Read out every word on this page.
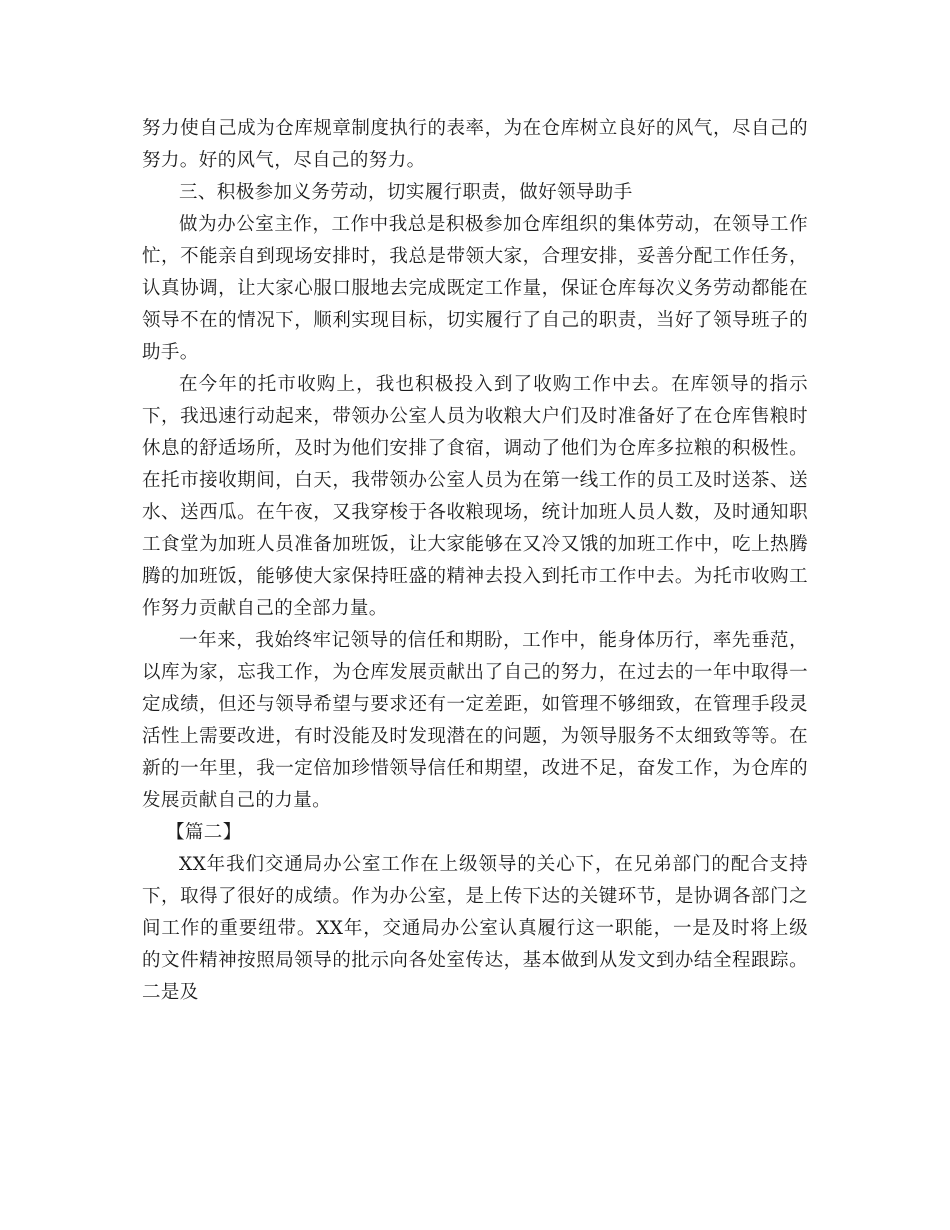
努力使自己成为仓库规章制度执行的表率，为在仓库树立良好的风气，尽自己的努力。好的风气，尽自己的努力。

三、积极参加义务劳动，切实履行职责，做好领导助手

做为办公室主作，工作中我总是积极参加仓库组织的集体劳动，在领导工作忙，不能亲自到现场安排时，我总是带领大家，合理安排，妥善分配工作任务，认真协调，让大家心服口服地去完成既定工作量，保证仓库每次义务劳动都能在领导不在的情况下，顺利实现目标，切实履行了自己的职责，当好了领导班子的助手。

在今年的托市收购上，我也积极投入到了收购工作中去。在库领导的指示下，我迅速行动起来，带领办公室人员为收粮大户们及时准备好了在仓库售粮时休息的舒适场所，及时为他们安排了食宿，调动了他们为仓库多拉粮的积极性。在托市接收期间，白天，我带领办公室人员为在第一线工作的员工及时送茶、送水、送西瓜。在午夜，又我穿梭于各收粮现场，统计加班人员人数，及时通知职工食堂为加班人员准备加班饭，让大家能够在又冷又饿的加班工作中，吃上热腾腾的加班饭，能够使大家保持旺盛的精神去投入到托市工作中去。为托市收购工作努力贡献自己的全部力量。

一年来，我始终牢记领导的信任和期盼，工作中，能身体历行，率先垂范，以库为家，忘我工作，为仓库发展贡献出了自己的努力，在过去的一年中取得一定成绩，但还与领导希望与要求还有一定差距，如管理不够细致，在管理手段灵活性上需要改进，有时没能及时发现潜在的问题，为领导服务不太细致等等。在新的一年里，我一定倍加珍惜领导信任和期望，改进不足，奋发工作，为仓库的发展贡献自己的力量。

【篇二】

XX年我们交通局办公室工作在上级领导的关心下，在兄弟部门的配合支持下，取得了很好的成绩。作为办公室，是上传下达的关键环节，是协调各部门之间工作的重要纽带。XX年，交通局办公室认真履行这一职能，一是及时将上级的文件精神按照局领导的批示向各处室传达，基本做到从发文到办结全程跟踪。二是及
